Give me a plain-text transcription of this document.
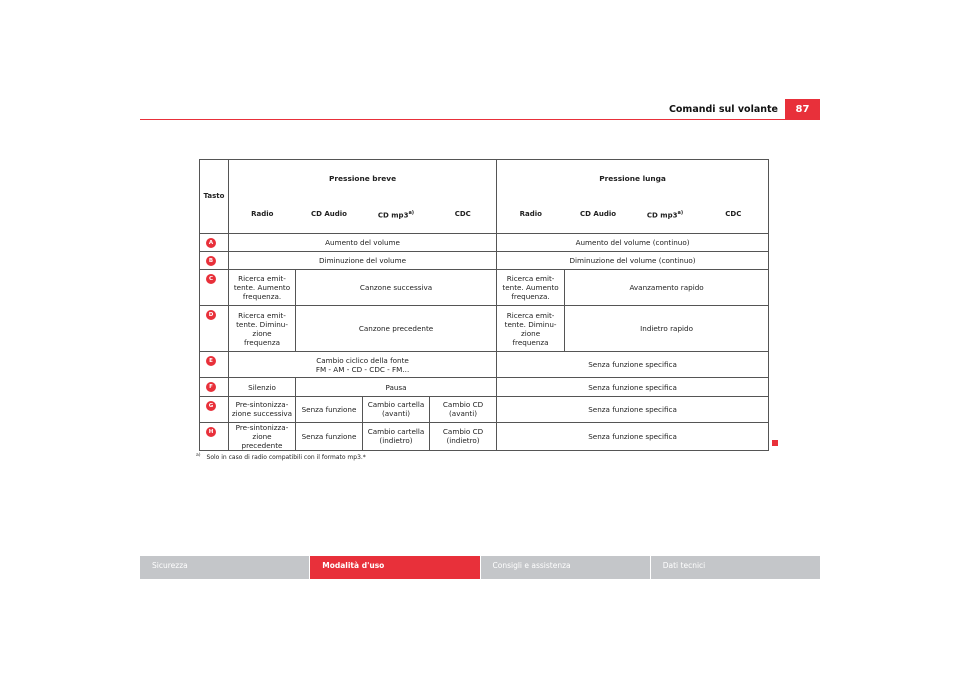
Comandi sul volante	87
Tasto	Pressione breve				Pressione lunga			
	Radio	CD Audio	CD mp3$^{a)}$	CDC	Radio	CD Audio	CD mp3$^{a)}$	CDC
A	Aumento del volume				Aumento del volume (continuo)			
B	Diminuzione del volume				Diminuzione del volume (continuo)			
C	Ricerca emit-
tente. Aumento
frequenza.	Canzone successiva			Ricerca emit-
tente. Aumento
frequenza.	Avanzamento rapido		
D	Ricerca emit-
tente. Diminu-
zione
frequenza	Canzone precedente			Ricerca emit-
tente. Diminu-
zione
frequenza	Indietro rapido		
E	Cambio ciclico della fonte
FM - AM - CD - CDC - FM...				Senza funzione specifica			
F	Silenzio	Pausa			Senza funzione specifica			
G	Pre-sintonizza-
zione successiva	Senza funzione	Cambio cartella
(avanti)	Cambio CD
(avanti)	Senza funzione specifica			
H	Pre-sintonizza-
zione precedente	Senza funzione	Cambio cartella
(indietro)	Cambio CD
(indietro)	Senza funzione specifica			
$^{a)}$ Solo in caso di radio compatibili con il formato mp3.*
Sicurezza	Modalità d'uso	Consigli e assistenza	Dati tecnici
